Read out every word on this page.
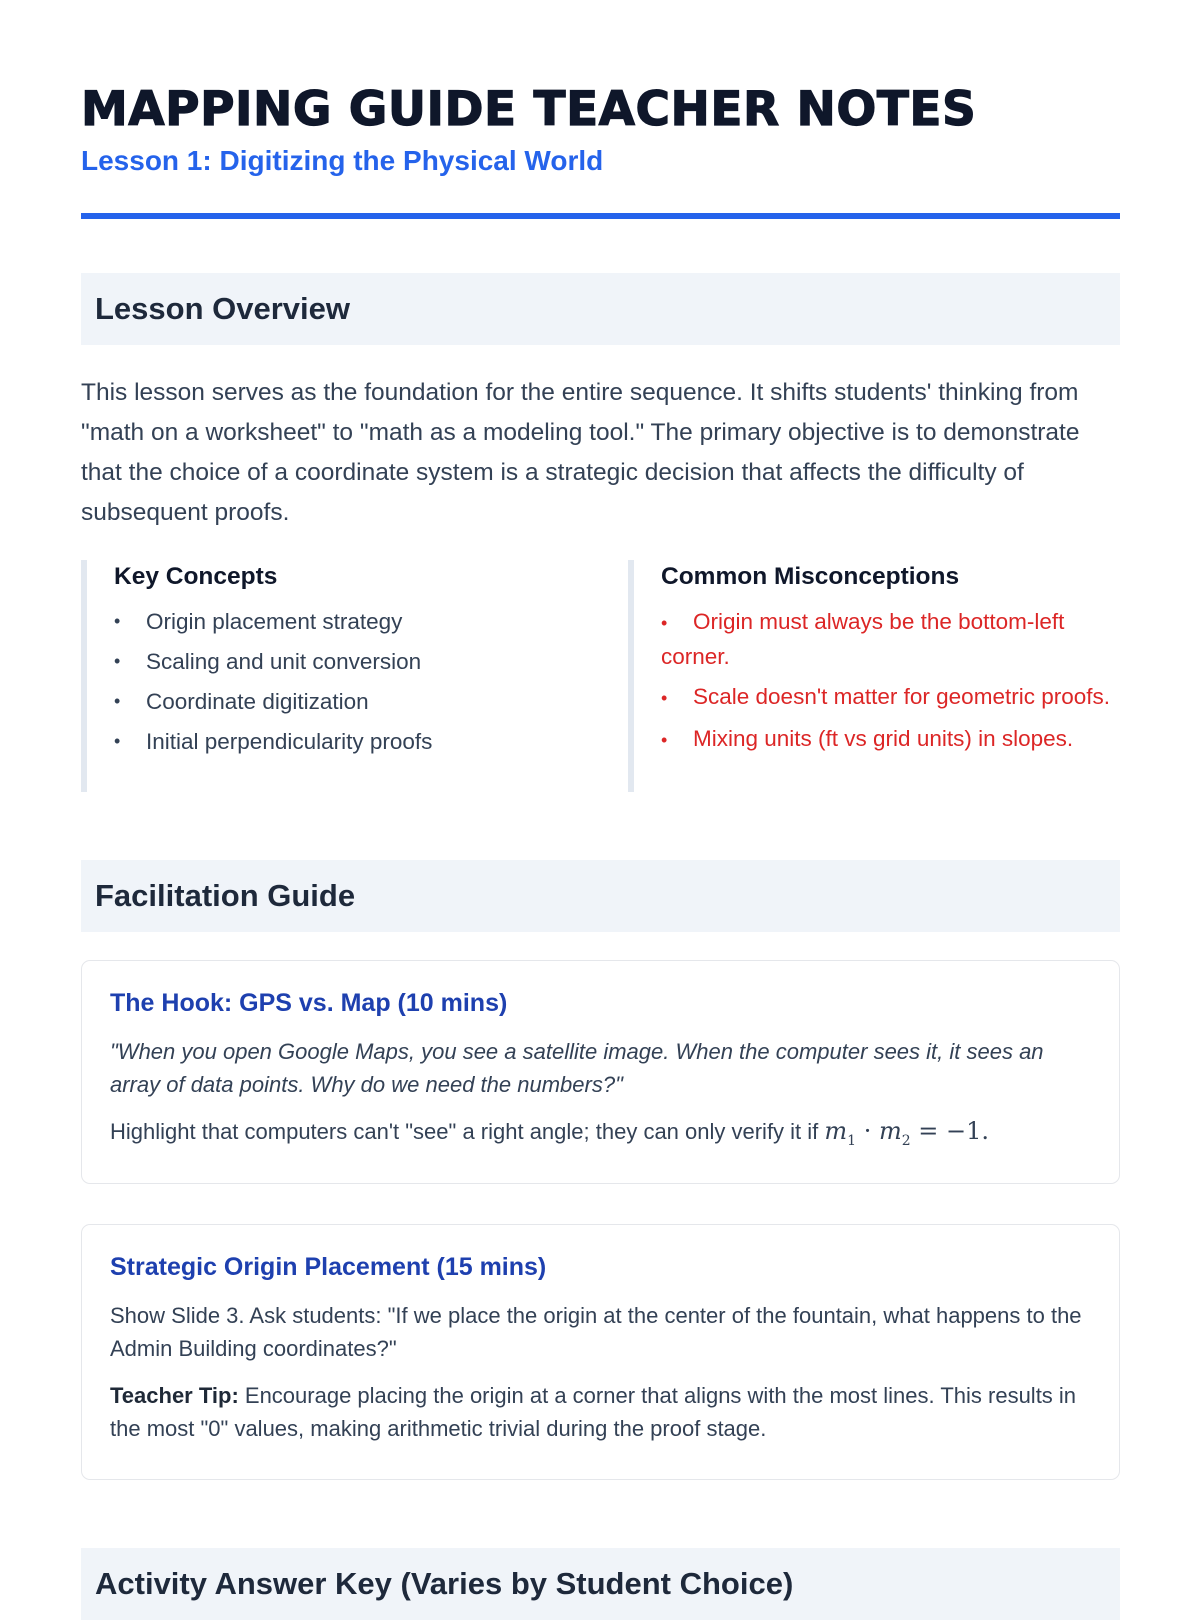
MAPPING GUIDE TEACHER NOTES
Lesson 1: Digitizing the Physical World
Lesson Overview

This lesson serves as the foundation for the entire sequence. It shifts students' thinking from "math on a worksheet" to "math as a modeling tool." The primary objective is to demonstrate that the choice of a coordinate system is a strategic decision that affects the difficulty of subsequent proofs.

Key Concepts
• Origin placement strategy
• Scaling and unit conversion
• Coordinate digitization
• Initial perpendicularity proofs
Common Misconceptions
• Origin must always be the bottom-left corner.
• Scale doesn't matter for geometric proofs.
• Mixing units (ft vs grid units) in slopes.
Facilitation Guide
The Hook: GPS vs. Map (10 mins)
"When you open Google Maps, you see a satellite image. When the computer sees it, it sees an array of data points. Why do we need the numbers?"

Highlight that computers can't "see" a right angle; they can only verify it if $m_1 \cdot m_2 = -1$.

Strategic Origin Placement (15 mins)

Show Slide 3. Ask students: "If we place the origin at the center of the fountain, what happens to the Admin Building coordinates?"

Teacher Tip: Encourage placing the origin at a corner that aligns with the most lines. This results in the most "0" values, making arithmetic trivial during the proof stage.

Activity Answer Key (Varies by Student Choice)
